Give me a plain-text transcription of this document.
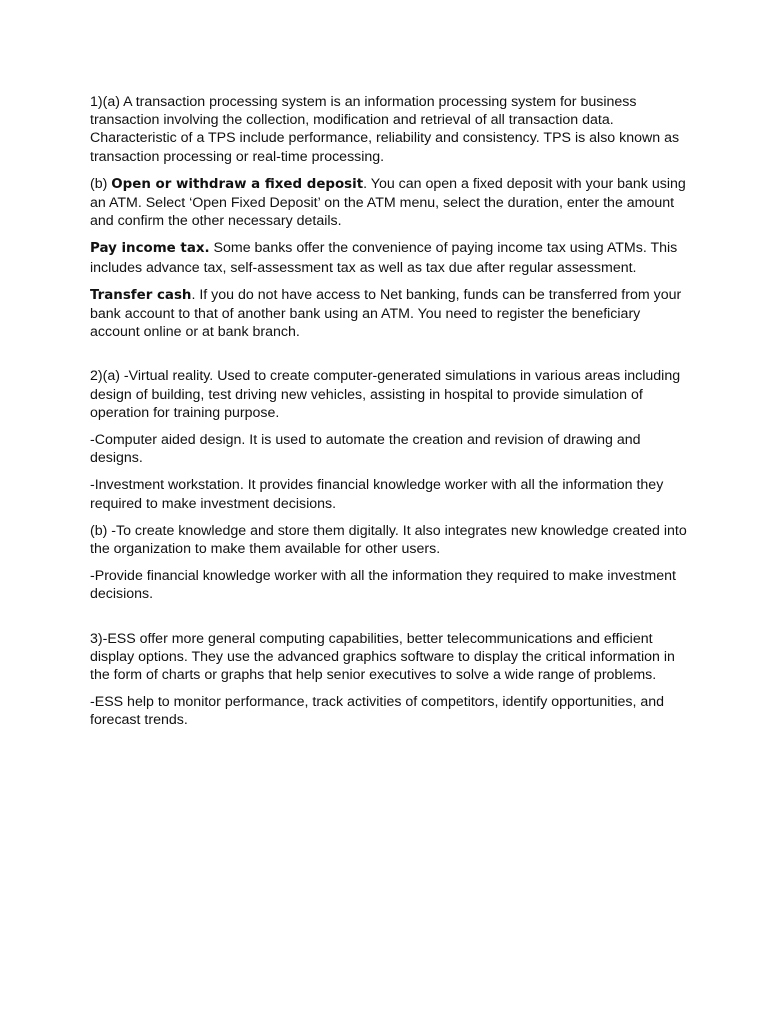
1)(a) A transaction processing system is an information processing system for business transaction involving the collection, modification and retrieval of all transaction data. Characteristic of a TPS include performance, reliability and consistency. TPS is also known as transaction processing or real-time processing.

(b) Open or withdraw a fixed deposit. You can open a fixed deposit with your bank using an ATM. Select ‘Open Fixed Deposit’ on the ATM menu, select the duration, enter the amount and confirm the other necessary details.

Pay income tax. Some banks offer the convenience of paying income tax using ATMs. This includes advance tax, self-assessment tax as well as tax due after regular assessment.

Transfer cash. If you do not have access to Net banking, funds can be transferred from your bank account to that of another bank using an ATM. You need to register the beneficiary account online or at bank branch.

2)(a) -Virtual reality. Used to create computer-generated simulations in various areas including design of building, test driving new vehicles, assisting in hospital to provide simulation of operation for training purpose.

-Computer aided design. It is used to automate the creation and revision of drawing and designs.

-Investment workstation. It provides financial knowledge worker with all the information they required to make investment decisions.

(b) -To create knowledge and store them digitally. It also integrates new knowledge created into the organization to make them available for other users.

-Provide financial knowledge worker with all the information they required to make investment decisions.

3)-ESS offer more general computing capabilities, better telecommunications and efficient display options. They use the advanced graphics software to display the critical information in the form of charts or graphs that help senior executives to solve a wide range of problems.

-ESS help to monitor performance, track activities of competitors, identify opportunities, and forecast trends.
